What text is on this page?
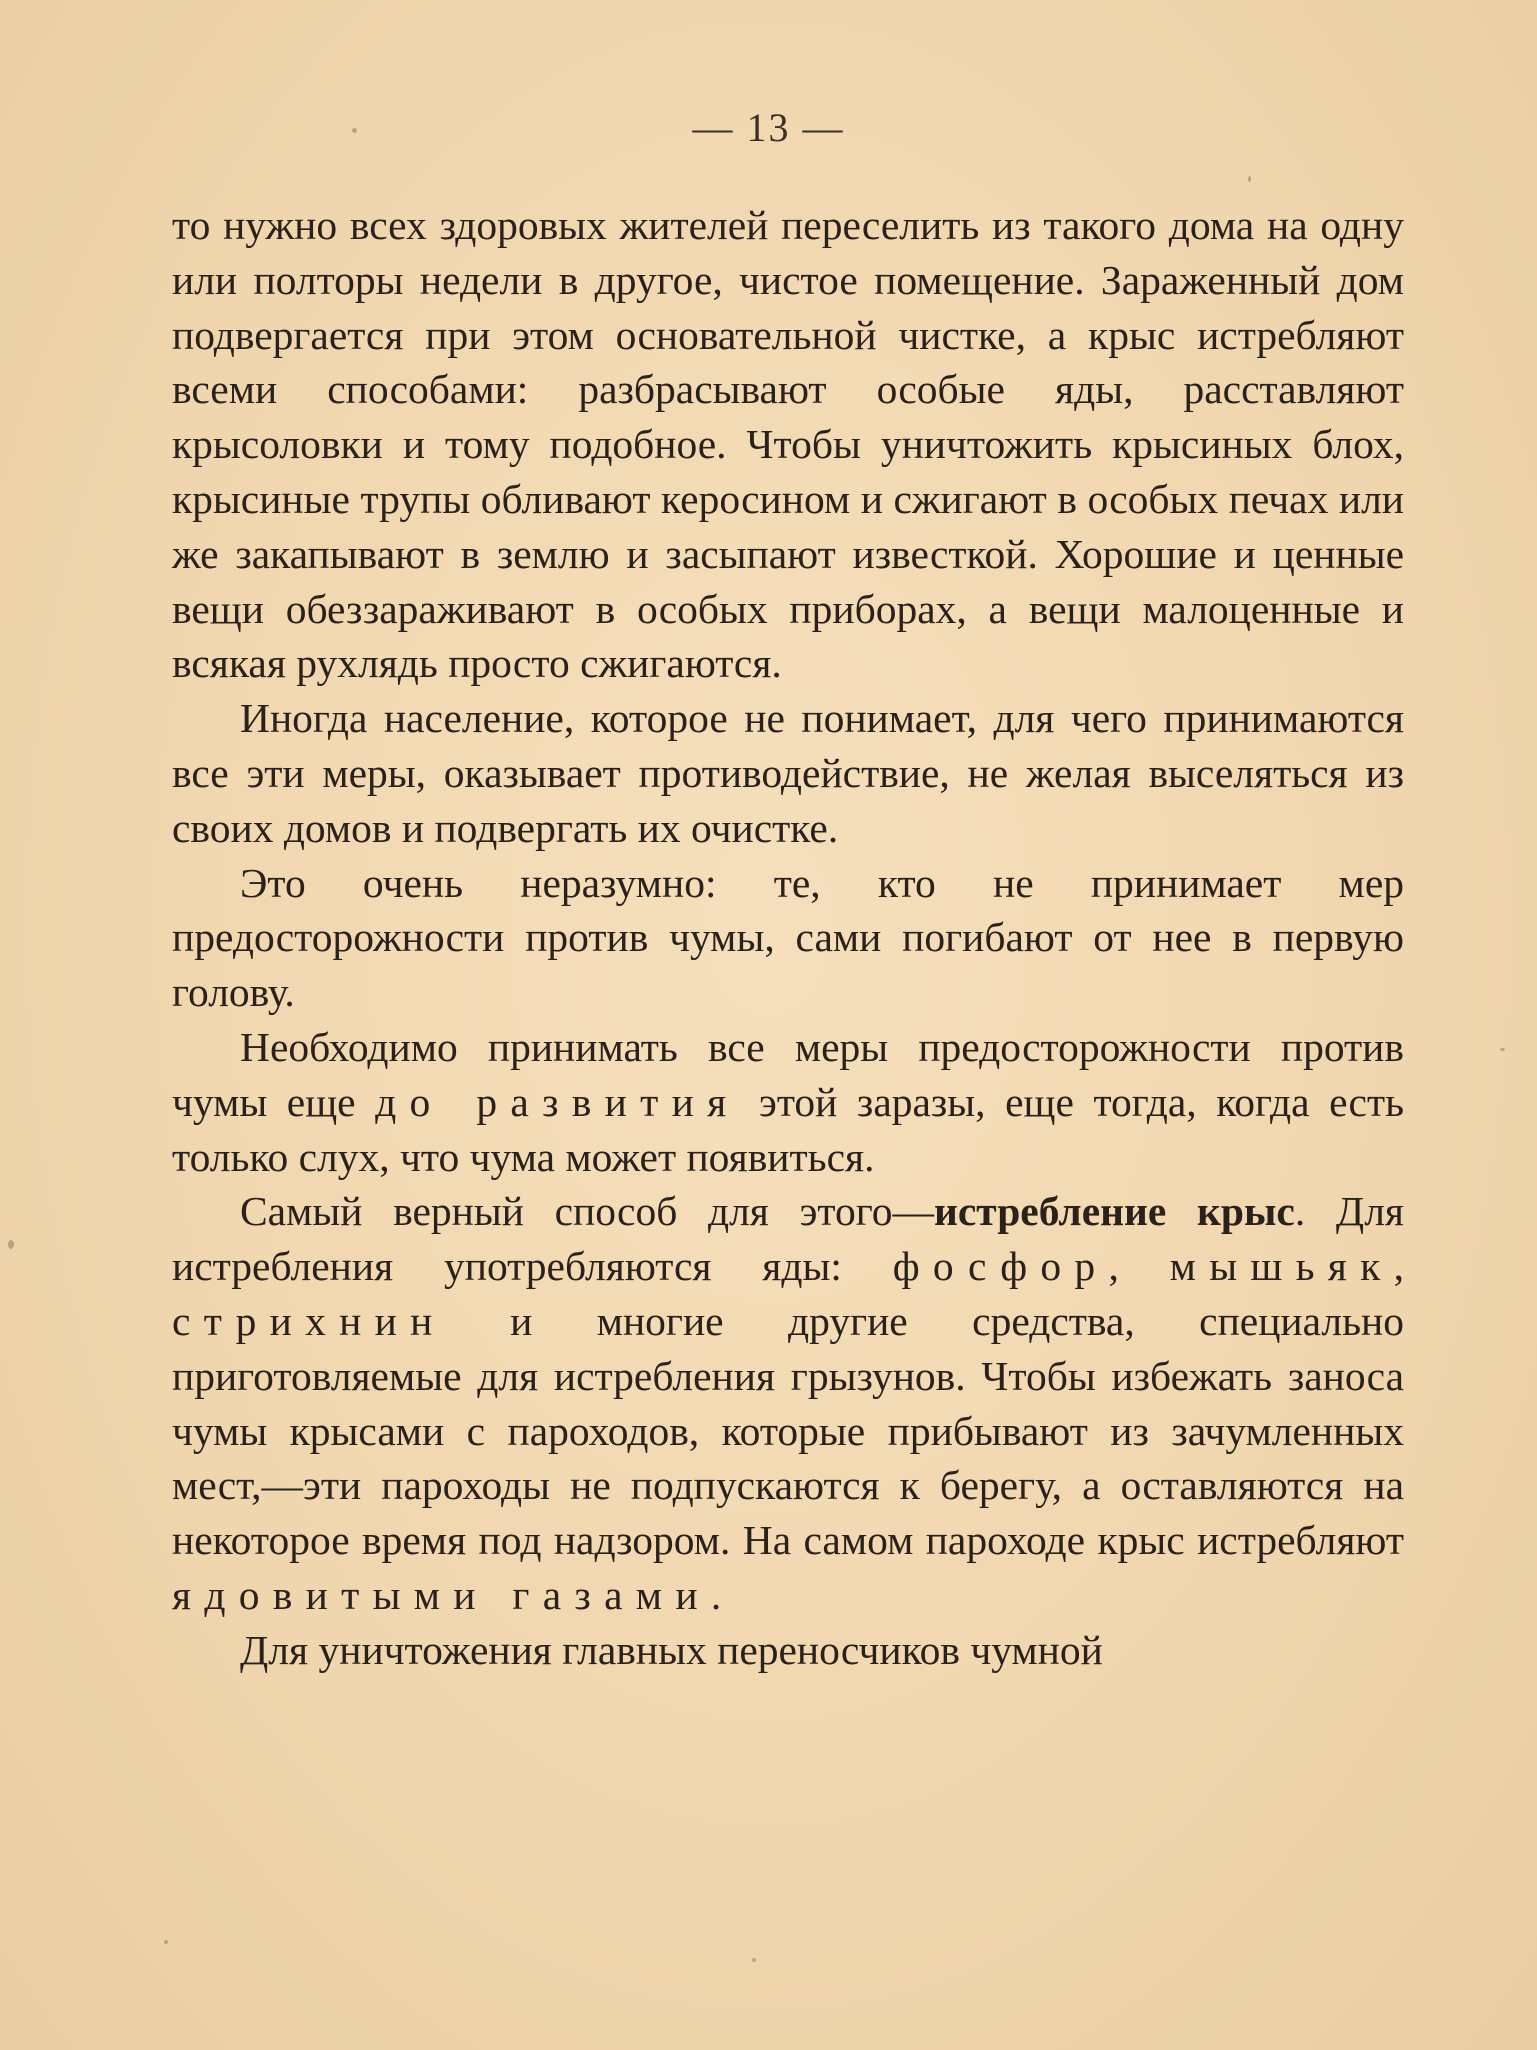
— 13 —

то нужно всех здоровых жителей переселить из такого дома на одну или полторы недели в другое, чистое помещение. Зараженный дом подвергается при этом основательной чистке, а крыс истребляют всеми способами: разбрасывают особые яды, расставляют крысоловки и тому подобное. Чтобы уничтожить крысиных блох, крысиные трупы обливают керосином и сжигают в особых печах или же закапывают в землю и засыпают известкой. Хорошие и ценные вещи обеззараживают в особых приборах, а вещи малоценные и всякая рухлядь просто сжигаются.

Иногда население, которое не понимает, для чего принимаются все эти меры, оказывает противодействие, не желая выселяться из своих домов и подвергать их очистке.

Это очень неразумно: те, кто не принимает мер предосторожности против чумы, сами погибают от нее в первую голову.

Необходимо принимать все меры предосторожности против чумы еще до развития этой заразы, еще тогда, когда есть только слух, что чума может появиться.

Самый верный способ для этого—истребление крыс. Для истребления употребляются яды: фосфор, мышьяк, стрихнин и многие другие средства, специально приготовляемые для истребления грызунов. Чтобы избежать заноса чумы крысами с пароходов, которые прибывают из зачумленных мест,—эти пароходы не подпускаются к берегу, а оставляются на некоторое время под надзором. На самом пароходе крыс истребляют ядовитыми газами.

Для уничтожения главных переносчиков чумной
